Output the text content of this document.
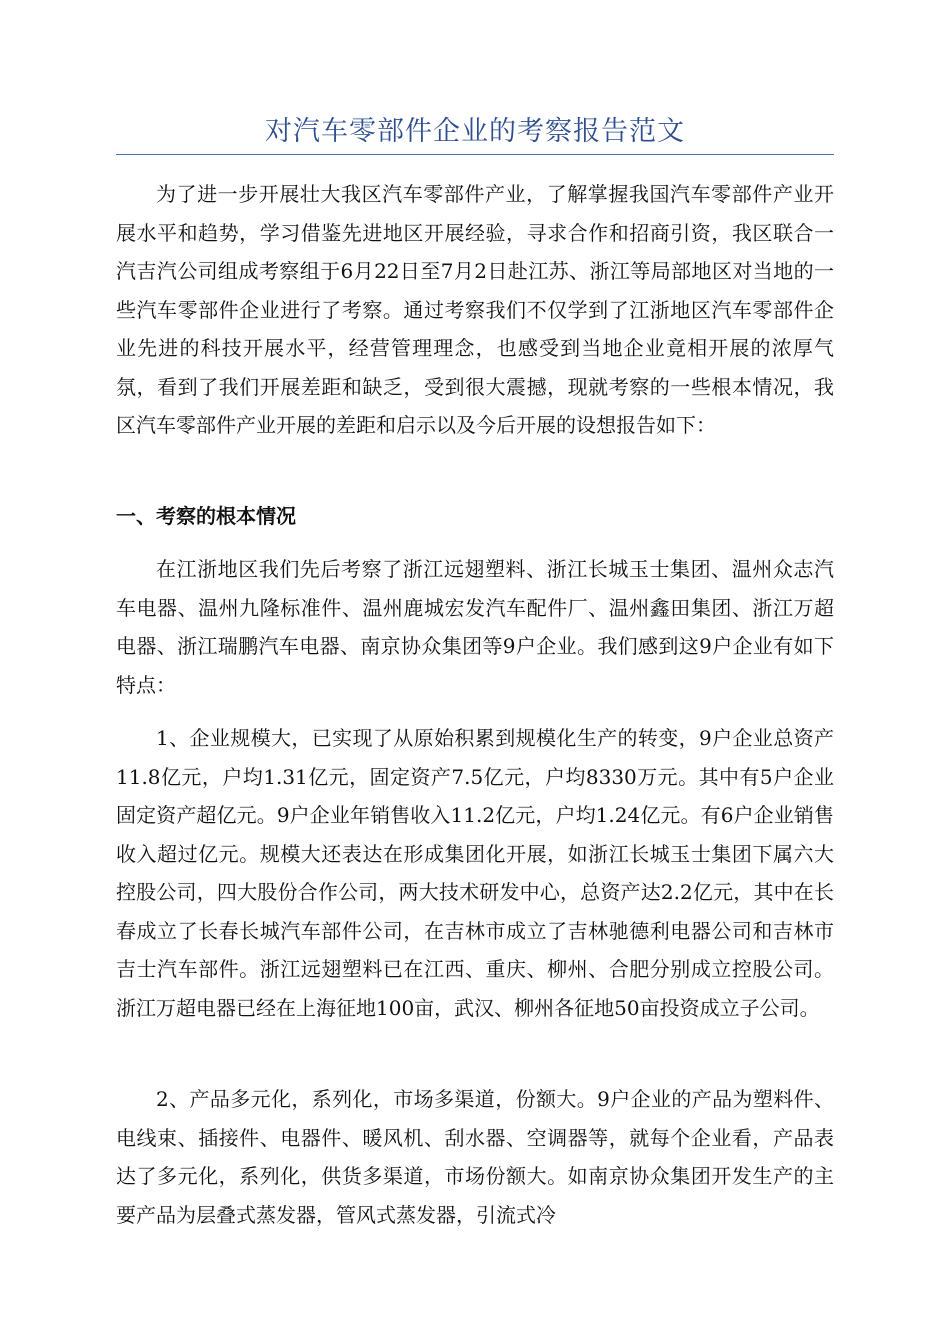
对汽车零部件企业的考察报告范文

为了进一步开展壮大我区汽车零部件产业，了解掌握我国汽车零部件产业开展水平和趋势，学习借鉴先进地区开展经验，寻求合作和招商引资，我区联合一汽吉汽公司组成考察组于6月22日至7月2日赴江苏、浙江等局部地区对当地的一些汽车零部件企业进行了考察。通过考察我们不仅学到了江浙地区汽车零部件企业先进的科技开展水平，经营管理理念，也感受到当地企业竟相开展的浓厚气氛，看到了我们开展差距和缺乏，受到很大震撼，现就考察的一些根本情况，我区汽车零部件产业开展的差距和启示以及今后开展的设想报告如下：

一、考察的根本情况

在江浙地区我们先后考察了浙江远翅塑料、浙江长城玉士集团、温州众志汽车电器、温州九隆标准件、温州鹿城宏发汽车配件厂、温州鑫田集团、浙江万超电器、浙江瑞鹏汽车电器、南京协众集团等9户企业。我们感到这9户企业有如下特点：

1、企业规模大，已实现了从原始积累到规模化生产的转变，9户企业总资产11.8亿元，户均1.31亿元，固定资产7.5亿元，户均8330万元。其中有5户企业固定资产超亿元。9户企业年销售收入11.2亿元，户均1.24亿元。有6户企业销售收入超过亿元。规模大还表达在形成集团化开展，如浙江长城玉士集团下属六大控股公司，四大股份合作公司，两大技术研发中心，总资产达2.2亿元，其中在长春成立了长春长城汽车部件公司，在吉林市成立了吉林驰德利电器公司和吉林市吉士汽车部件。浙江远翅塑料已在江西、重庆、柳州、合肥分别成立控股公司。浙江万超电器已经在上海征地100亩，武汉、柳州各征地50亩投资成立子公司。

2、产品多元化，系列化，市场多渠道，份额大。9户企业的产品为塑料件、电线束、插接件、电器件、暖风机、刮水器、空调器等，就每个企业看，产品表达了多元化，系列化，供货多渠道，市场份额大。如南京协众集团开发生产的主要产品为层叠式蒸发器，管风式蒸发器，引流式冷
